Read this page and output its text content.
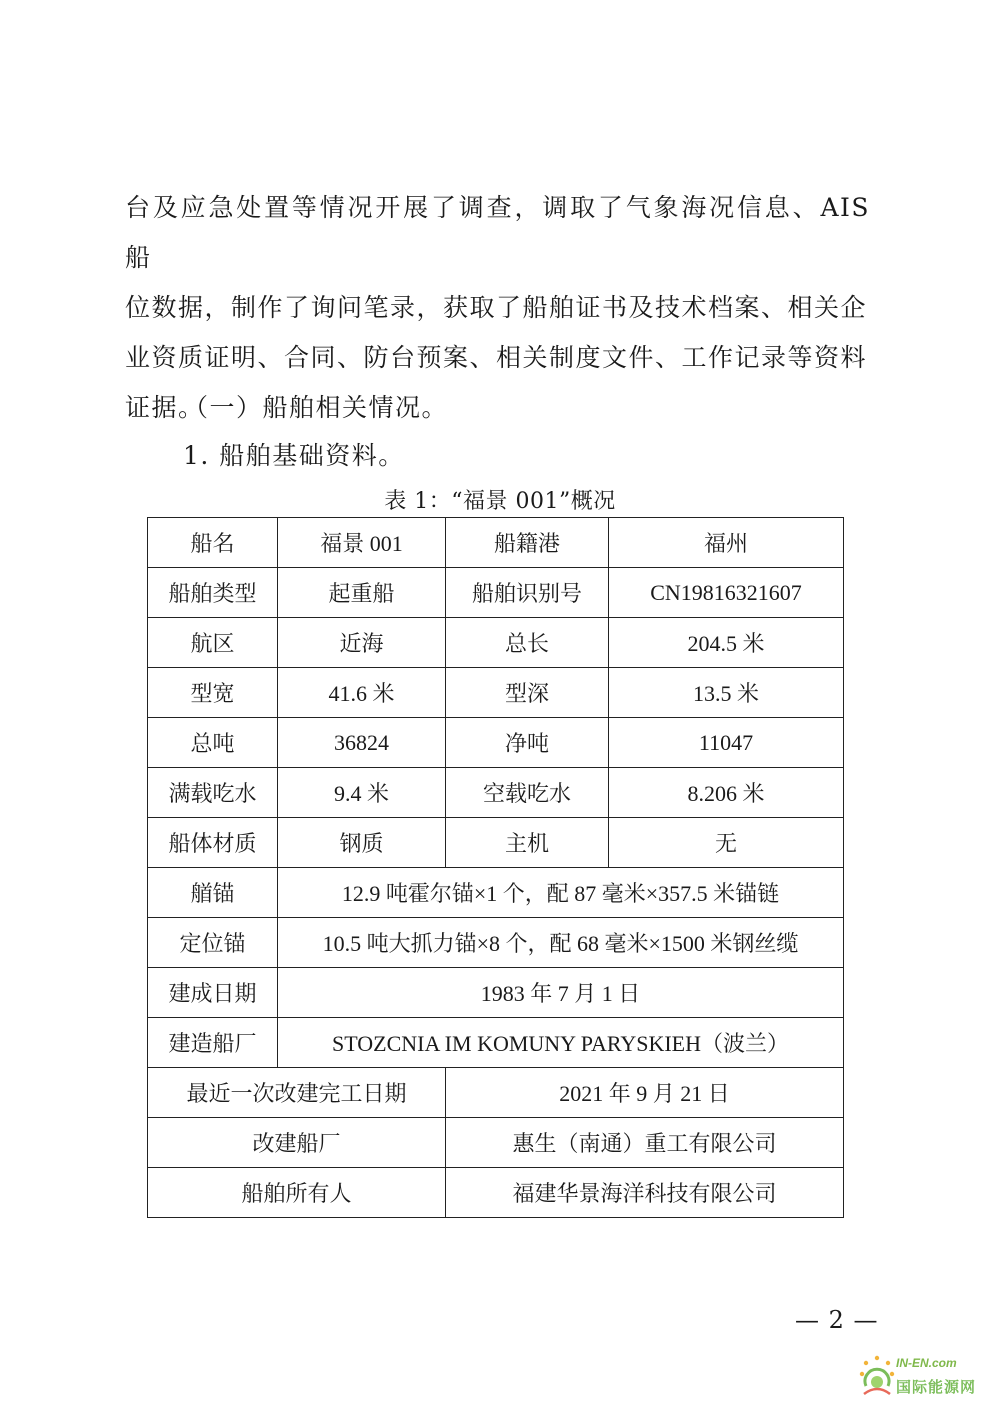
台及应急处置等情况开展了调查，调取了气象海况信息、AIS 船
位数据，制作了询问笔录，获取了船舶证书及技术档案、相关企
业资质证明、合同、防台预案、相关制度文件、工作记录等资料
证据。
（一）船舶相关情况。
1. 船舶基础资料。
表 1：“福景 001”概况
船名	福景 001	船籍港	福州
船舶类型	起重船	船舶识别号	CN19816321607
航区	近海	总长	204.5 米
型宽	41.6 米	型深	13.5 米
总吨	36824	净吨	11047
满载吃水	9.4 米	空载吃水	8.206 米
船体材质	钢质	主机	无
艏锚	12.9 吨霍尔锚×1 个，配 87 毫米×357.5 米锚链		
定位锚	10.5 吨大抓力锚×8 个，配 68 毫米×1500 米钢丝缆		
建成日期	1983 年 7 月 1 日		
建造船厂	STOZCNIA IM KOMUNY PARYSKIEH（波兰）		
最近一次改建完工日期		2021 年 9 月 21 日	
改建船厂		惠生（南通）重工有限公司	
船舶所有人		福建华景海洋科技有限公司	
— 2 —
IN-EN.com
国际能源网
